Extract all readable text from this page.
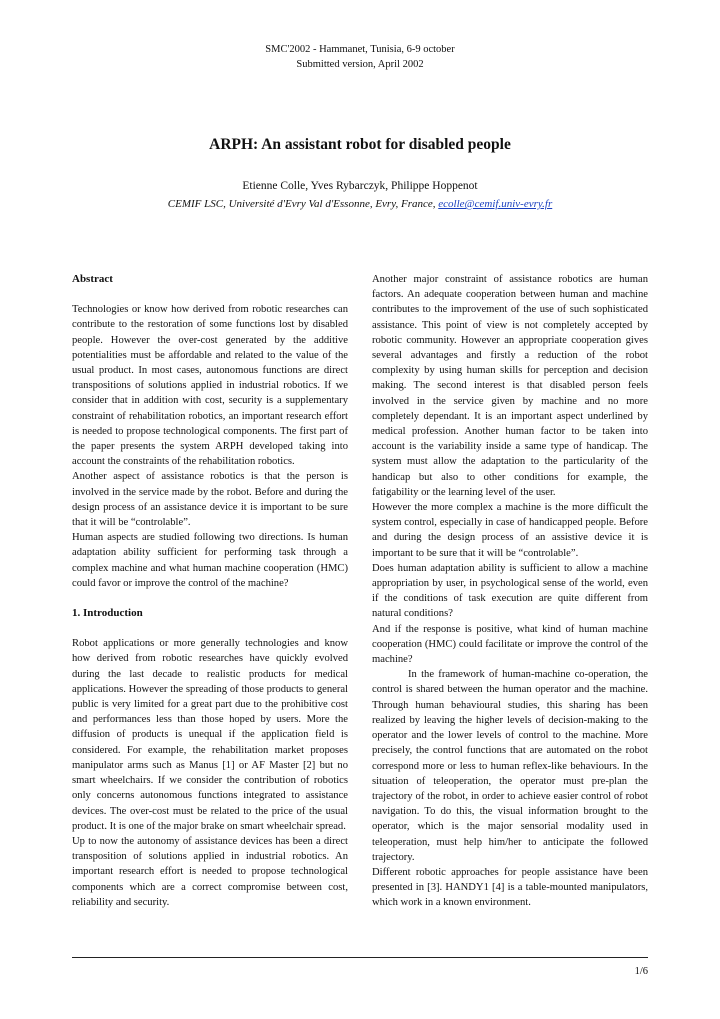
SMC'2002 - Hammanet, Tunisia, 6-9 october
Submitted version, April 2002
ARPH: An assistant robot for disabled people
Etienne Colle, Yves Rybarczyk, Philippe Hoppenot
CEMIF LSC, Université d'Evry Val d'Essonne, Evry, France, ecolle@cemif.univ-evry.fr

Abstract

Technologies or know how derived from robotic researches can contribute to the restoration of some functions lost by disabled people. However the over-cost generated by the additive potentialities must be affordable and related to the value of the usual product. In most cases, autonomous functions are direct transpositions of solutions applied in industrial robotics. If we consider that in addition with cost, security is a supplementary constraint of rehabilitation robotics, an important research effort is needed to propose technological components. The first part of the paper presents the system ARPH developed taking into account the constraints of the rehabilitation robotics.

Another aspect of assistance robotics is that the person is involved in the service made by the robot. Before and during the design process of an assistance device it is important to be sure that it will be “controlable”.

Human aspects are studied following two directions. Is human adaptation ability sufficient for performing task through a complex machine and what human machine cooperation (HMC) could favor or improve the control of the machine?

1. Introduction

Robot applications or more generally technologies and know how derived from robotic researches have quickly evolved during the last decade to realistic products for medical applications. However the spreading of those products to general public is very limited for a great part due to the prohibitive cost and performances less than those hoped by users. More the diffusion of products is unequal if the application field is considered. For example, the rehabilitation market proposes manipulator arms such as Manus [1] or AF Master [2] but no smart wheelchairs. If we consider the contribution of robotics only concerns autonomous functions integrated to assistance devices. The over-cost must be related to the price of the usual product. It is one of the major brake on smart wheelchair spread.

Up to now the autonomy of assistance devices has been a direct transposition of solutions applied in industrial robotics. An important research effort is needed to propose technological components which are a correct compromise between cost, reliability and security.

Another major constraint of assistance robotics are human factors. An adequate cooperation between human and machine contributes to the improvement of the use of such sophisticated assistance. This point of view is not completely accepted by robotic community. However an appropriate cooperation gives several advantages and firstly a reduction of the robot complexity by using human skills for perception and decision making. The second interest is that disabled person feels involved in the service given by machine and no more completely dependant. It is an important aspect underlined by medical profession. Another human factor to be taken into account is the variability inside a same type of handicap. The system must allow the adaptation to the particularity of the handicap but also to other conditions for example, the fatigability or the learning level of the user.

However the more complex a machine is the more difficult the system control, especially in case of handicapped people. Before and during the design process of an assistive device it is important to be sure that it will be “controlable”.

Does human adaptation ability is sufficient to allow a machine appropriation by user, in psychological sense of the world, even if the conditions of task execution are quite different from natural conditions?

And if the response is positive, what kind of human machine cooperation (HMC) could facilitate or improve the control of the machine?

In the framework of human-machine co-operation, the control is shared between the human operator and the machine. Through human behavioural studies, this sharing has been realized by leaving the higher levels of decision-making to the operator and the lower levels of control to the machine. More precisely, the control functions that are automated on the robot correspond more or less to human reflex-like behaviours. In the situation of teleoperation, the operator must pre-plan the trajectory of the robot, in order to achieve easier control of robot navigation. To do this, the visual information brought to the operator, which is the major sensorial modality used in teleoperation, must help him/her to anticipate the followed trajectory.

Different robotic approaches for people assistance have been presented in [3]. HANDY1 [4] is a table-mounted manipulators, which work in a known environment.

1/6
